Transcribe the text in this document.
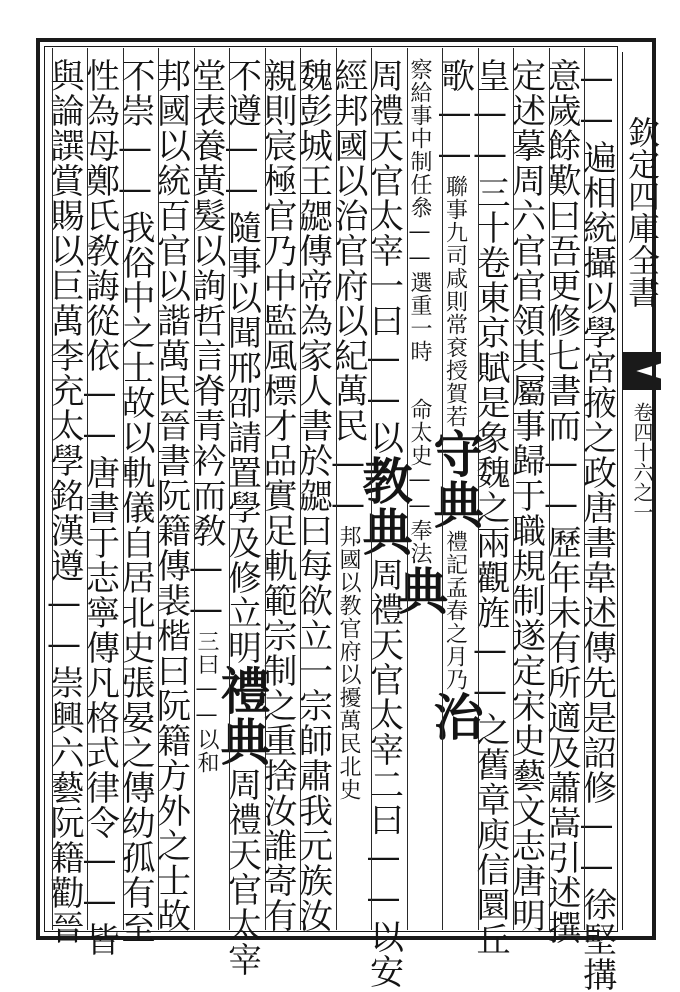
欽定四庫全書
卷四十六之一
——遍相統攝以學宮掖之政唐書韋述傳先是詔修——徐堅搆
意歲餘歎曰吾更修七書而——歷年未有所適及蕭嵩引述撰
定述摹周六官官領其屬事歸于職規制遂定宋史藝文志唐明
皇——三十卷東京賦是象魏之兩觀旌——之舊章庾信圜丘
歌——聯事九司咸則常袞授賀若守典禮記孟春之月乃治
察給事中制任叅——選重一時　命太史——奉法典
周禮天官太宰一曰——以教典周禮天官太宰二曰——以安
經邦國以治官府以紀萬民——邦國以教官府以擾萬民北史
魏彭城王勰傳帝為家人書於勰曰每欲立一宗師肅我元族汝
親則宸極官乃中監風標才品實足軌範宗制之重捨汝誰寄有
不遵——隨事以聞邢卲請置學及修立明禮典周禮天官太宰
堂表養黃髮以詢哲言脊青衿而敎——三曰——以和
邦國以統百官以諧萬民晉書阮籍傳裴楷曰阮籍方外之士故
不崇——我俗中之士故以軌儀自居北史張晏之傳幼孤有至
性為母鄭氏敎誨從依——唐書于志寧傳凡格式律令——皆
與論譔賞賜以巨萬李充太學銘漢遵——崇興六藝阮籍勸晉
